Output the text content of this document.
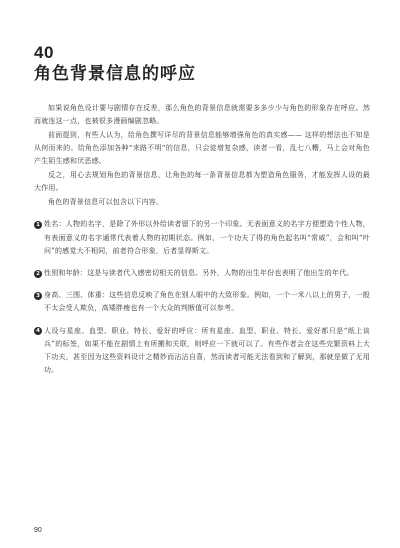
40
角色背景信息的呼应

如果说角色设计要与剧情存在反差，那么角色的背景信息就需要多多少少与角色的形象存在呼应。然而就连这一点，也被很多漫画编剧忽略。

前面提到，有些人认为，给角色撰写详尽的背景信息能够增强角色的真实感—— 这样的想法也不知是从何而来的。给角色添加各种“来路不明”的信息，只会徒增复杂感，读者一看，乱七八糟，马上会对角色产生陌生感和厌恶感。

反之，用心去规划角色的背景信息，让角色的每一条背景信息都为塑造角色服务，才能发挥人设的最大作用。

角色的背景信息可以包含以下内容。

1 姓名：人物的名字，是除了外形以外给读者留下的另一个印象。无表面意义的名字方便塑造个性人物，有表面意义的名字通常代表着人物的初期状态。例如，一个功夫了得的角色起名叫“常威”，会和叫“叶问”的感觉大不相同，前者符合形象，后者显得斯文。
2 性别和年龄：这是与读者代入感密切相关的信息。另外，人物的出生年份也表明了他出生的年代。
3 身高、三围、体重：这些信息反映了角色在别人眼中的大致形象。例如，一个一米八以上的男子，一般不太会受人欺负，高矮胖瘦也有一个大众的判断值可以参考。
4 人设与星座、血型、职业、特长、爱好的呼应：所有星座、血型、职业、特长、爱好都只是“纸上谈兵”的标签，如果不能在剧情上有所搬和关联，则呼应一下就可以了。有些作者会在这些完繁资料上大下功夫，甚至因为这些资料设计之精妙而沾沾自喜，然而读者可能无法看到和了解到，那就是做了无用功。
90
